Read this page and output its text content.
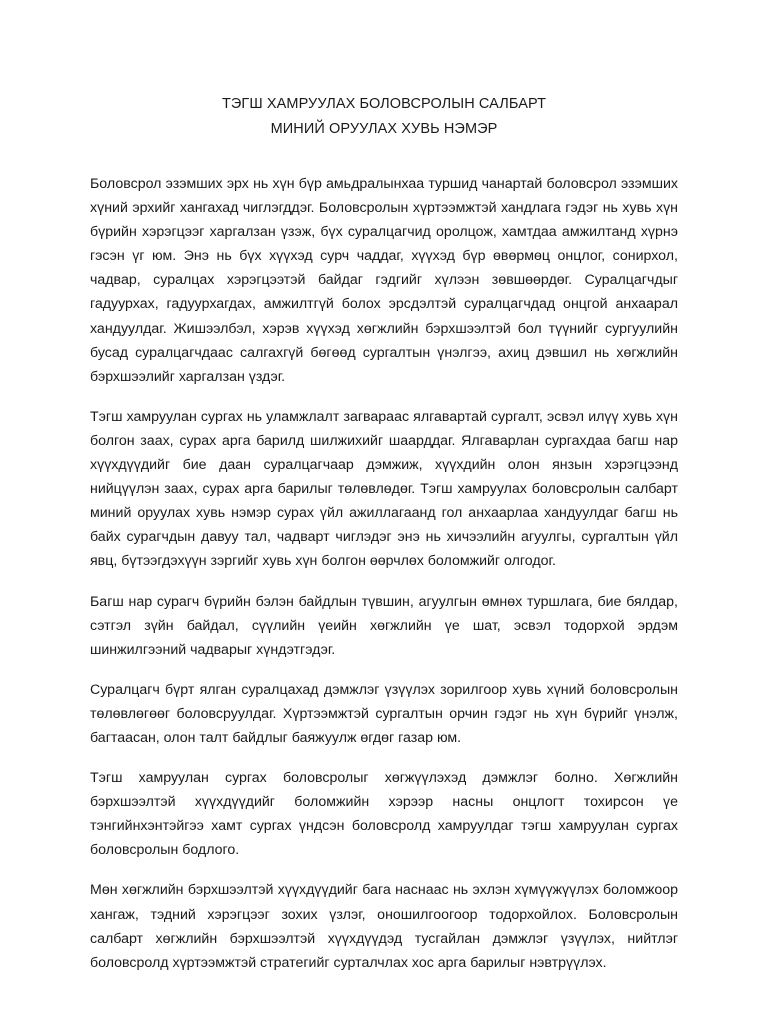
ТЭГШ ХАМРУУЛАХ БОЛОВСРОЛЫН САЛБАРТ

МИНИЙ ОРУУЛАХ ХУВЬ НЭМЭР

Боловсрол эзэмших эрх нь хүн бүр амьдралынхаа туршид чанартай боловсрол эзэмших хүний эрхийг хангахад чиглэгддэг. Боловсролын хүртээмжтэй хандлага гэдэг нь хувь хүн бүрийн хэрэгцээг харгалзан үзэж, бүх суралцагчид оролцож, хамтдаа амжилтанд хүрнэ гэсэн үг юм. Энэ нь бүх хүүхэд сурч чаддаг, хүүхэд бүр өвөрмөц онцлог, сонирхол, чадвар, суралцах хэрэгцээтэй байдаг гэдгийг хүлээн зөвшөөрдөг. Суралцагчдыг гадуурхах, гадуурхагдах, амжилтгүй болох эрсдэлтэй суралцагчдад онцгой анхаарал хандуулдаг. Жишээлбэл, хэрэв хүүхэд хөгжлийн бэрхшээлтэй бол түүнийг сургуулийн бусад суралцагчдаас салгахгүй бөгөөд сургалтын үнэлгээ, ахиц дэвшил нь хөгжлийн бэрхшээлийг харгалзан үздэг.

Тэгш хамруулан сургах нь уламжлалт загвараас ялгавартай сургалт, эсвэл илүү хувь хүн болгон заах, сурах арга барилд шилжихийг шаарддаг. Ялгаварлан сургахдаа багш нар хүүхдүүдийг бие даан суралцагчаар дэмжиж, хүүхдийн олон янзын хэрэгцээнд нийцүүлэн заах, сурах арга барилыг төлөвлөдөг. Тэгш хамруулах боловсролын салбарт миний оруулах хувь нэмэр сурах үйл ажиллагаанд гол анхаарлаа хандуулдаг багш нь байх сурагчдын давуу тал, чадварт чиглэдэг энэ нь хичээлийн агуулгы, сургалтын үйл явц, бүтээгдэхүүн зэргийг хувь хүн болгон өөрчлөх боломжийг олгодог.

Багш нар сурагч бүрийн бэлэн байдлын түвшин, агуулгын өмнөх туршлага, бие бялдар, сэтгэл зүйн байдал, сүүлийн үеийн хөгжлийн үе шат, эсвэл тодорхой эрдэм шинжилгээний чадварыг хүндэтгэдэг.

Суралцагч бүрт ялган суралцахад дэмжлэг үзүүлэх зорилгоор хувь хүний боловсролын төлөвлөгөөг боловсруулдаг. Хүртээмжтэй сургалтын орчин гэдэг нь хүн бүрийг үнэлж, багтаасан, олон талт байдлыг баяжуулж өгдөг газар юм.

Тэгш хамруулан сургах боловсролыг хөгжүүлэхэд дэмжлэг болно. Хөгжлийн бэрхшээлтэй хүүхдүүдийг боломжийн хэрээр насны онцлогт тохирсон үе тэнгийнхэнтэйгээ хамт сургах үндсэн боловсролд хамруулдаг тэгш хамруулан сургах боловсролын бодлого.

Мөн хөгжлийн бэрхшээлтэй хүүхдүүдийг бага наснаас нь эхлэн хүмүүжүүлэх боломжоор хангаж, тэдний хэрэгцээг зохих үзлэг, оношилгоогоор тодорхойлох. Боловсролын салбарт хөгжлийн бэрхшээлтэй хүүхдүүдэд тусгайлан дэмжлэг үзүүлэх, нийтлэг боловсролд хүртээмжтэй стратегийг сурталчлах хос арга барилыг нэвтрүүлэх.
